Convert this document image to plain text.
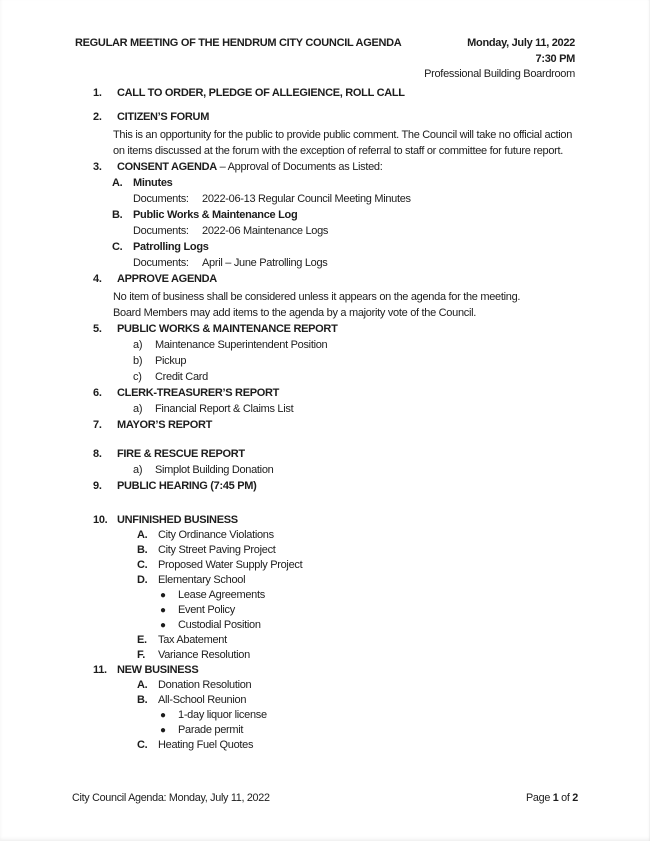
REGULAR MEETING OF THE HENDRUM CITY COUNCIL AGENDA	Monday, July 11, 2022
7:30 PM
Professional Building Boardroom
1. CALL TO ORDER, PLEDGE OF ALLEGIENCE, ROLL CALL
2. CITIZEN’S FORUM
This is an opportunity for the public to provide public comment. The Council will take no official action
on items discussed at the forum with the exception of referral to staff or committee for future report.
3. CONSENT AGENDA – Approval of Documents as Listed:
A. Minutes
Documents: 2022-06-13 Regular Council Meeting Minutes
B. Public Works & Maintenance Log
Documents: 2022-06 Maintenance Logs
C. Patrolling Logs
Documents: April – June Patrolling Logs
4. APPROVE AGENDA
No item of business shall be considered unless it appears on the agenda for the meeting.
Board Members may add items to the agenda by a majority vote of the Council.
5. PUBLIC WORKS & MAINTENANCE REPORT
a) Maintenance Superintendent Position
b) Pickup
c) Credit Card
6. CLERK-TREASURER’S REPORT
a) Financial Report & Claims List
7. MAYOR’S REPORT
8. FIRE & RESCUE REPORT
a) Simplot Building Donation
9. PUBLIC HEARING (7:45 PM)
10. UNFINISHED BUSINESS
A. City Ordinance Violations
B. City Street Paving Project
C. Proposed Water Supply Project
D. Elementary School
● Lease Agreements
● Event Policy
● Custodial Position
E. Tax Abatement
F. Variance Resolution
11. NEW BUSINESS
A. Donation Resolution
B. All-School Reunion
● 1-day liquor license
● Parade permit
C. Heating Fuel Quotes
City Council Agenda: Monday, July 11, 2022	Page 1 of 2
